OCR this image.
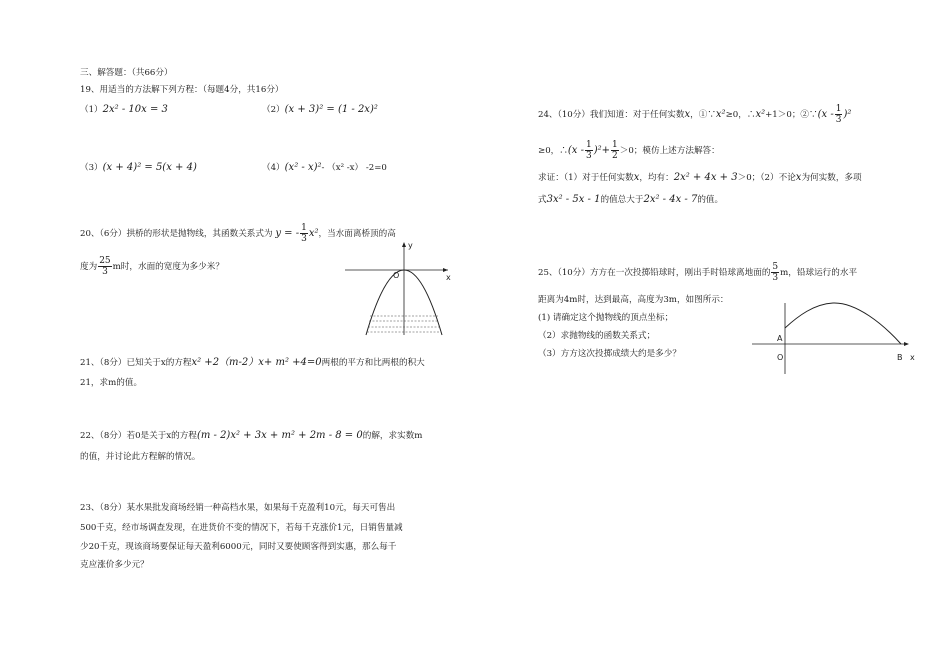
三、解答题：（共66分）
19、用适当的方法解下列方程：（每题4分，共16分）
（1）2x² - 10x = 3	（2）(x + 3)² = (1 - 2x)²
（3）(x + 4)² = 5(x + 4)	（4）(x² - x)²- （x² -x） -2=0
20、（6分）拱桥的形状是抛物线，其函数关系式为 y = - $\frac{1}{3} x^2$，当水面离桥顶的高
度为 $\frac{25}{3}$ m时，水面的宽度为多少米？
y
x
O
21、（8分）已知关于x的方程x² +2（m-2）x+ m² +4=0两根的平方和比两根的积大
21，求m的值。
22、（8分）若0是关于x的方程(m - 2)x² + 3x + m² + 2m - 8 = 0的解，求实数m
的值，并讨论此方程解的情况。
23、（8分）某水果批发商场经销一种高档水果，如果每千克盈利10元，每天可售出
500千克，经市场调查发现，在进货价不变的情况下，若每千克涨价1元，日销售量减
少20千克，现该商场要保证每天盈利6000元，同时又要使顾客得到实惠，那么每千
克应涨价多少元？
24、（10分）我们知道：对于任何实数x，①∵x²≥0，∴x²+1＞0；②∵(x - $\frac{1}{3} )^2$
≥0，∴(x - $\frac{1}{3} )^2+ \frac{1}{2} >0$；模仿上述方法解答：
求证：（1）对于任何实数x，均有：2x² + 4x + 3＞0；（2）不论x为何实数，多项
式3x² - 5x - 1的值总大于2x² - 4x - 7的值。
25、（10分）方方在一次投掷铅球时，刚出手时铅球离地面的 $\frac{5}{3}$ m，铅球运行的水平
距离为4m时，达到最高，高度为3m，如图所示：
(1) 请确定这个抛物线的顶点坐标；
（2）求抛物线的函数关系式；
（3）方方这次投掷成绩大约是多少？
A
O	B x
